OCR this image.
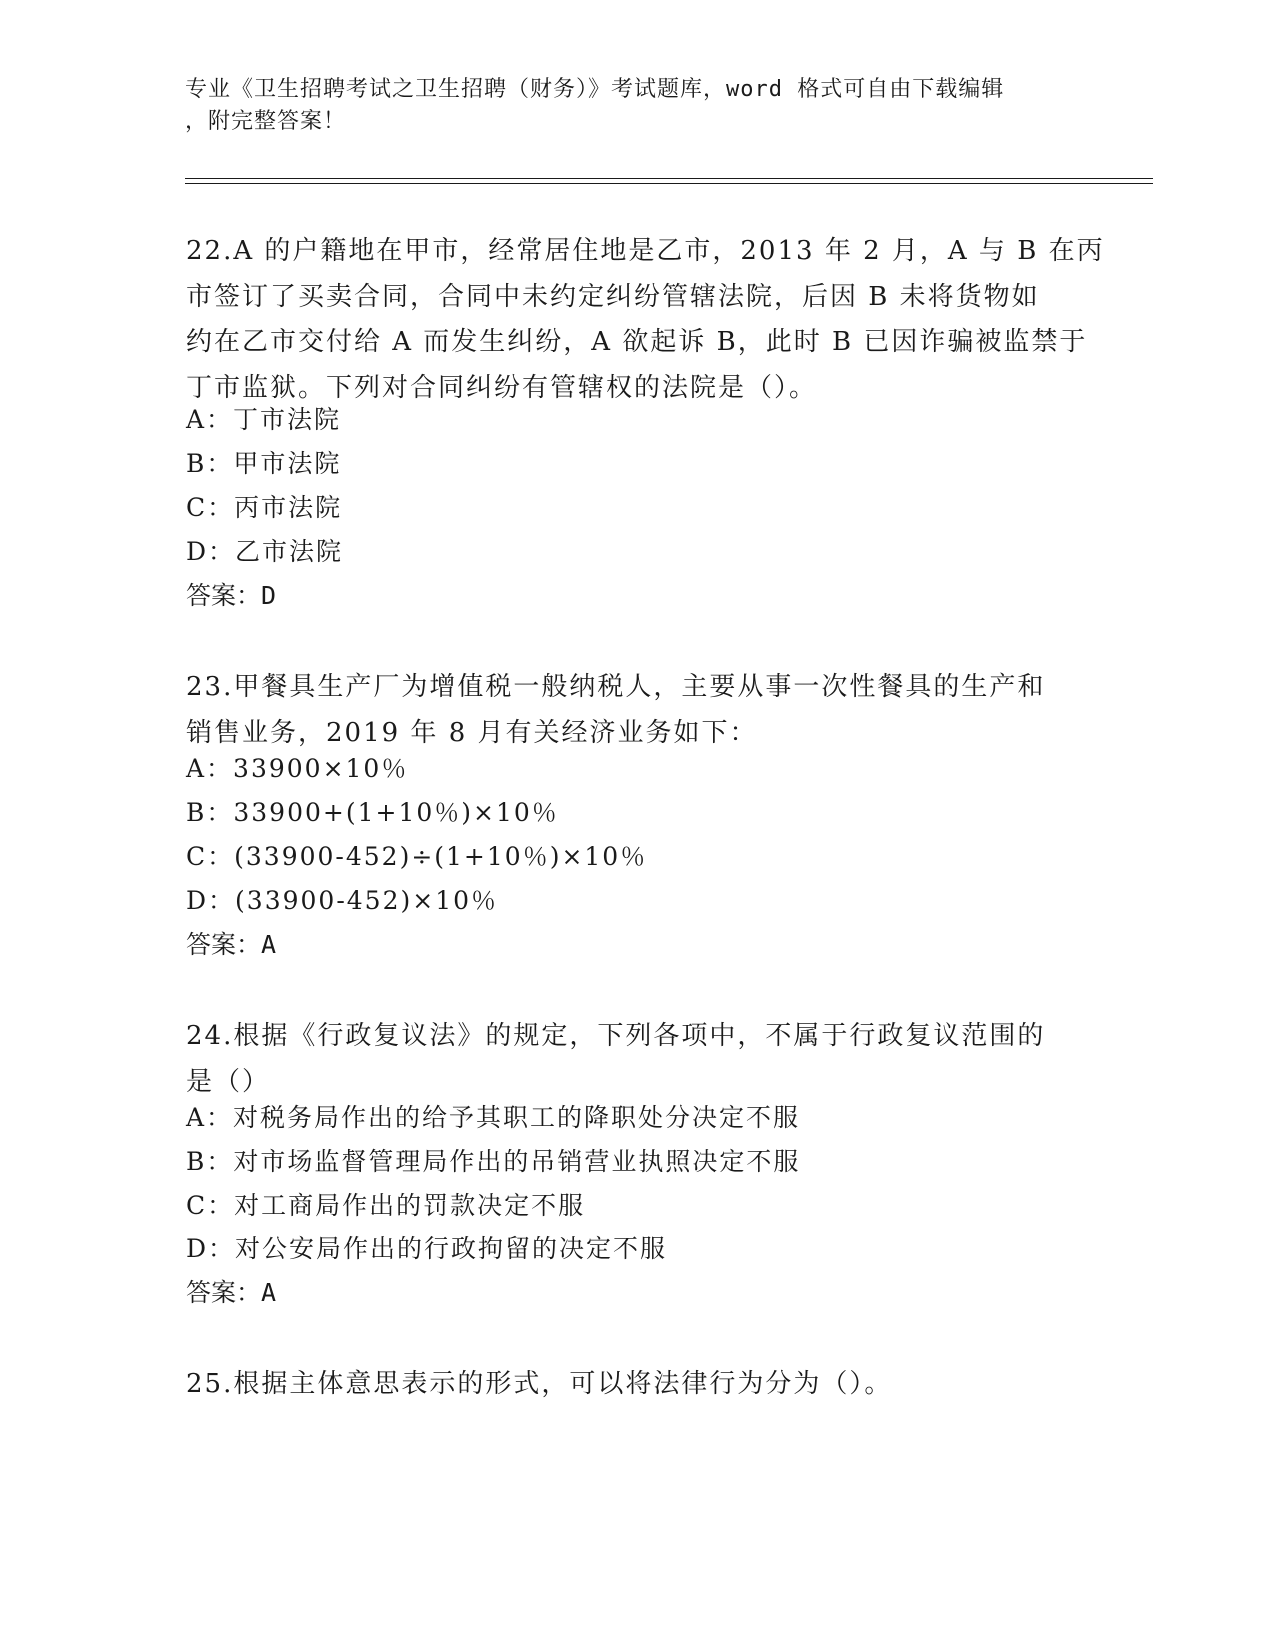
专业《卫生招聘考试之卫生招聘（财务）》考试题库，word 格式可自由下载编辑
，附完整答案！
22.A 的户籍地在甲市，经常居住地是乙市，2013 年 2 月，A 与 B 在丙
市签订了买卖合同，合同中未约定纠纷管辖法院，后因 B 未将货物如
约在乙市交付给 A 而发生纠纷，A 欲起诉 B，此时 B 已因诈骗被监禁于
丁市监狱。下列对合同纠纷有管辖权的法院是（）。
A：丁市法院
B：甲市法院
C：丙市法院
D：乙市法院
答案：D
23.甲餐具生产厂为增值税一般纳税人，主要从事一次性餐具的生产和
销售业务，2019 年 8 月有关经济业务如下：
A：33900×10％
B：33900+(1+10％)×10％
C：(33900-452)÷(1+10％)×10％
D：(33900-452)×10％
答案：A
24.根据《行政复议法》的规定，下列各项中，不属于行政复议范围的
是（）
A：对税务局作出的给予其职工的降职处分决定不服
B：对市场监督管理局作出的吊销营业执照决定不服
C：对工商局作出的罚款决定不服
D：对公安局作出的行政拘留的决定不服
答案：A
25.根据主体意思表示的形式，可以将法律行为分为（）。
